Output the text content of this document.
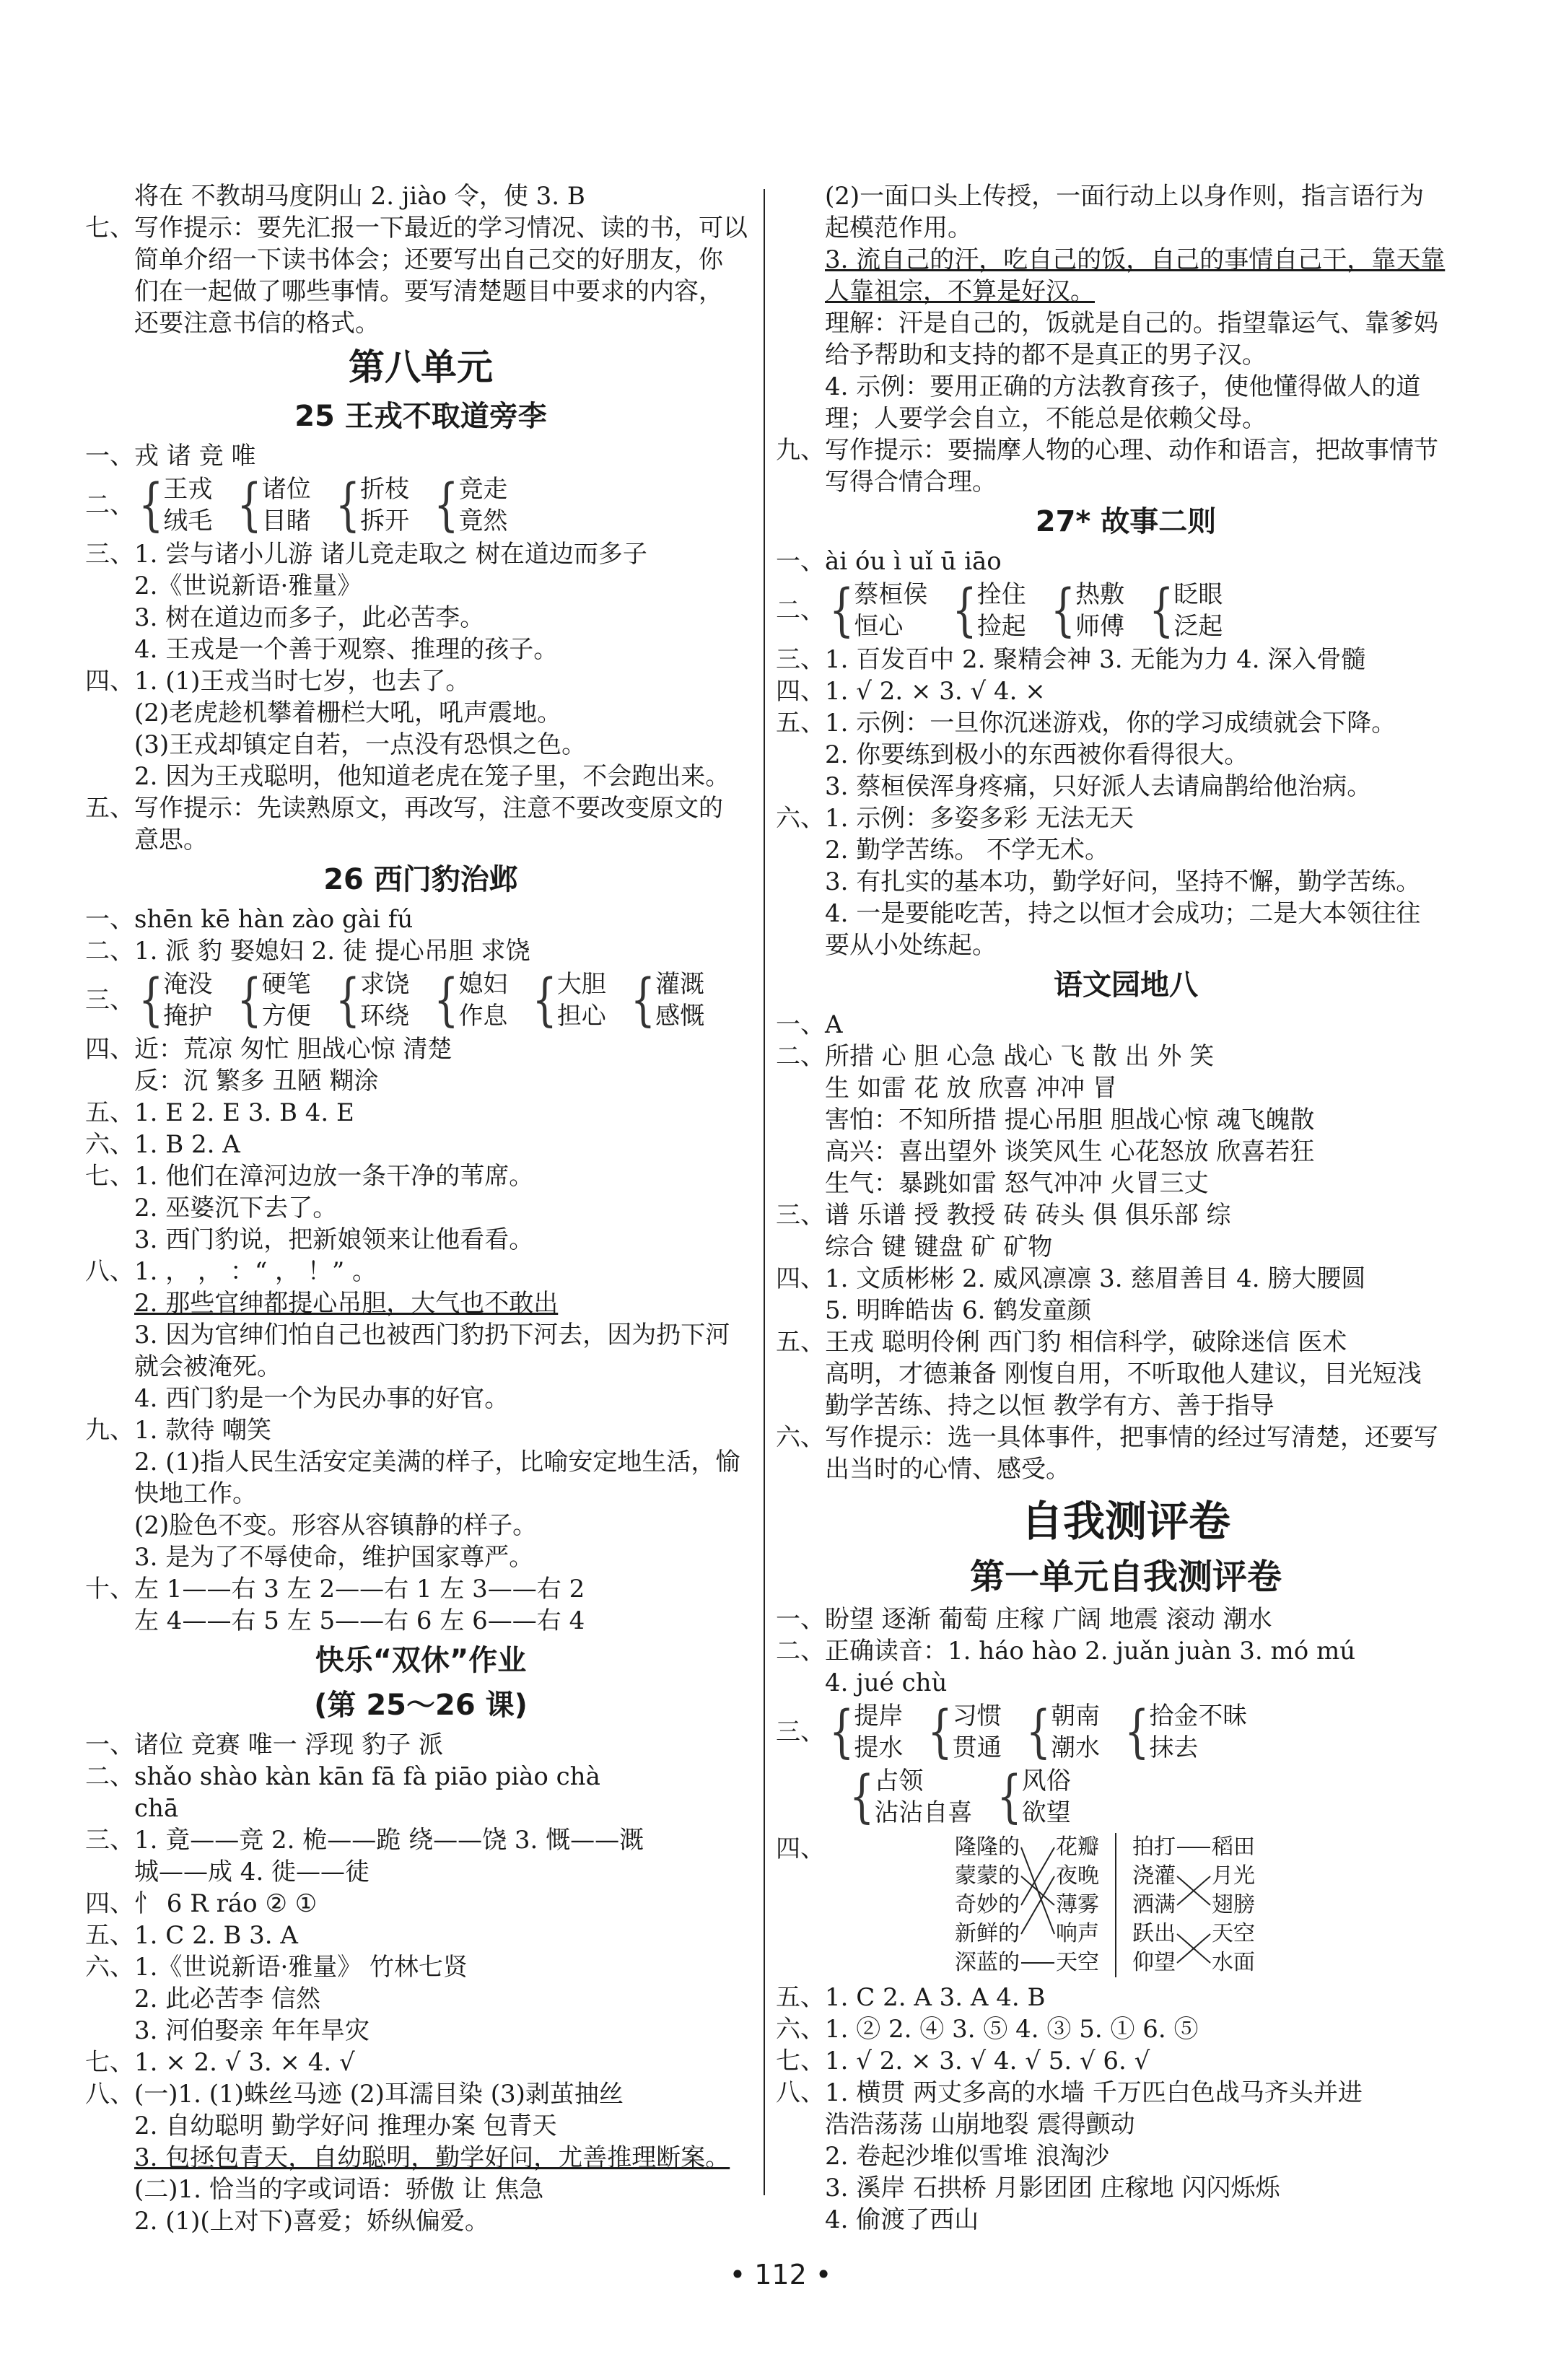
将在 不教胡马度阴山 2. jiào 令，使 3. B
七、写作提示：要先汇报一下最近的学习情况、读的书，可以
简单介绍一下读书体会；还要写出自己交的好朋友，你
们在一起做了哪些事情。要写清楚题目中要求的内容，
还要注意书信的格式。
第八单元
25 王戎不取道旁李
一、戎 诸 竞 唯
二、
{
王戎
绒毛
{
诸位
目睹
{
折枝
拆开
{
竞走
竟然
三、1. 尝与诸小儿游 诸儿竞走取之 树在道边而多子
2.《世说新语·雅量》
3. 树在道边而多子，此必苦李。
4. 王戎是一个善于观察、推理的孩子。
四、1. (1)王戎当时七岁，也去了。
(2)老虎趁机攀着栅栏大吼，吼声震地。
(3)王戎却镇定自若，一点没有恐惧之色。
2. 因为王戎聪明，他知道老虎在笼子里，不会跑出来。
五、写作提示：先读熟原文，再改写，注意不要改变原文的
意思。
26 西门豹治邺
一、shēn kē hàn zào gài fú
二、1. 派 豹 娶媳妇 2. 徒 提心吊胆 求饶
三、
{
淹没
掩护
{
硬笔
方便
{
求饶
环绕
{
媳妇
作息
{
大胆
担心
{
灌溉
感慨
四、近：荒凉 匆忙 胆战心惊 清楚
反：沉 繁多 丑陋 糊涂
五、1. E 2. E 3. B 4. E
六、1. B 2. A
七、1. 他们在漳河边放一条干净的苇席。
2. 巫婆沉下去了。
3. 西门豹说，把新娘领来让他看看。
八、1. ， ， ：“ ， ！” 。
2. 那些官绅都提心吊胆，大气也不敢出
3. 因为官绅们怕自己也被西门豹扔下河去，因为扔下河
就会被淹死。
4. 西门豹是一个为民办事的好官。
九、1. 款待 嘲笑
2. (1)指人民生活安定美满的样子，比喻安定地生活，愉
快地工作。
(2)脸色不变。形容从容镇静的样子。
3. 是为了不辱使命，维护国家尊严。
十、左 1——右 3 左 2——右 1 左 3——右 2
左 4——右 5 左 5——右 6 左 6——右 4
快乐“双休”作业
(第 25～26 课)
一、诸位 竞赛 唯一 浮现 豹子 派
二、shǎo shào kàn kān fā fà piāo piào chà
chā
三、1. 竟——竞 2. 桅——跪 绕——饶 3. 慨——溉
城——成 4. 徙——徒
四、⺖ 6 R ráo ② ①
五、1. C 2. B 3. A
六、1.《世说新语·雅量》 竹林七贤
2. 此必苦李 信然
3. 河伯娶亲 年年旱灾
七、1. × 2. √ 3. × 4. √
八、(一)1. (1)蛛丝马迹 (2)耳濡目染 (3)剥茧抽丝
2. 自幼聪明 勤学好问 推理办案 包青天
3. 包拯包青天，自幼聪明，勤学好问，尤善推理断案。
(二)1. 恰当的字或词语：骄傲 让 焦急
2. (1)(上对下)喜爱；娇纵偏爱。
(2)一面口头上传授，一面行动上以身作则，指言语行为
起模范作用。
3. 流自己的汗，吃自己的饭，自己的事情自己干，靠天靠
人靠祖宗，不算是好汉。
理解：汗是自己的，饭就是自己的。指望靠运气、靠爹妈
给予帮助和支持的都不是真正的男子汉。
4. 示例：要用正确的方法教育孩子，使他懂得做人的道
理；人要学会自立，不能总是依赖父母。
九、写作提示：要揣摩人物的心理、动作和语言，把故事情节
写得合情合理。
27* 故事二则
一、ài óu ì uǐ ū iāo
二、
{
蔡桓侯
恒心
{
拴住
捡起
{
热敷
师傅
{
眨眼
泛起
三、1. 百发百中 2. 聚精会神 3. 无能为力 4. 深入骨髓
四、1. √ 2. × 3. √ 4. ×
五、1. 示例：一旦你沉迷游戏，你的学习成绩就会下降。
2. 你要练到极小的东西被你看得很大。
3. 蔡桓侯浑身疼痛，只好派人去请扁鹊给他治病。
六、1. 示例：多姿多彩 无法无天
2. 勤学苦练。 不学无术。
3. 有扎实的基本功，勤学好问，坚持不懈，勤学苦练。
4. 一是要能吃苦，持之以恒才会成功；二是大本领往往
要从小处练起。
语文园地八
一、A
二、所措 心 胆 心急 战心 飞 散 出 外 笑
生 如雷 花 放 欣喜 冲冲 冒
害怕：不知所措 提心吊胆 胆战心惊 魂飞魄散
高兴：喜出望外 谈笑风生 心花怒放 欣喜若狂
生气：暴跳如雷 怒气冲冲 火冒三丈
三、谱 乐谱 授 教授 砖 砖头 俱 俱乐部 综
综合 键 键盘 矿 矿物
四、1. 文质彬彬 2. 威风凛凛 3. 慈眉善目 4. 膀大腰圆
5. 明眸皓齿 6. 鹤发童颜
五、王戎 聪明伶俐 西门豹 相信科学，破除迷信 医术
高明，才德兼备 刚愎自用，不听取他人建议，目光短浅
勤学苦练、持之以恒 教学有方、善于指导
六、写作提示：选一具体事件，把事情的经过写清楚，还要写
出当时的心情、感受。
自我测评卷
第一单元自我测评卷
一、盼望 逐渐 葡萄 庄稼 广阔 地震 滚动 潮水
二、正确读音：1. háo hào 2. juǎn juàn 3. mó mú
4. jué chù
三、
{
提岸
提水
{
习惯
贯通
{
朝南
潮水
{
拾金不昧
抹去
{
占领
沾沾自喜
{
风俗
欲望
四、	隆隆的
蒙蒙的
奇妙的
新鲜的
深蓝的
花瓣
夜晚
薄雾
响声
天空
拍打
浇灌
洒满
跃出
仰望
稻田
月光
翅膀
天空
水面
五、1. C 2. A 3. A 4. B
六、1. ② 2. ④ 3. ⑤ 4. ③ 5. ① 6. ⑤
七、1. √ 2. × 3. √ 4. √ 5. √ 6. √
八、1. 横贯 两丈多高的水墙 千万匹白色战马齐头并进
浩浩荡荡 山崩地裂 震得颤动
2. 卷起沙堆似雪堆 浪淘沙
3. 溪岸 石拱桥 月影团团 庄稼地 闪闪烁烁
4. 偷渡了西山
• 112 •
